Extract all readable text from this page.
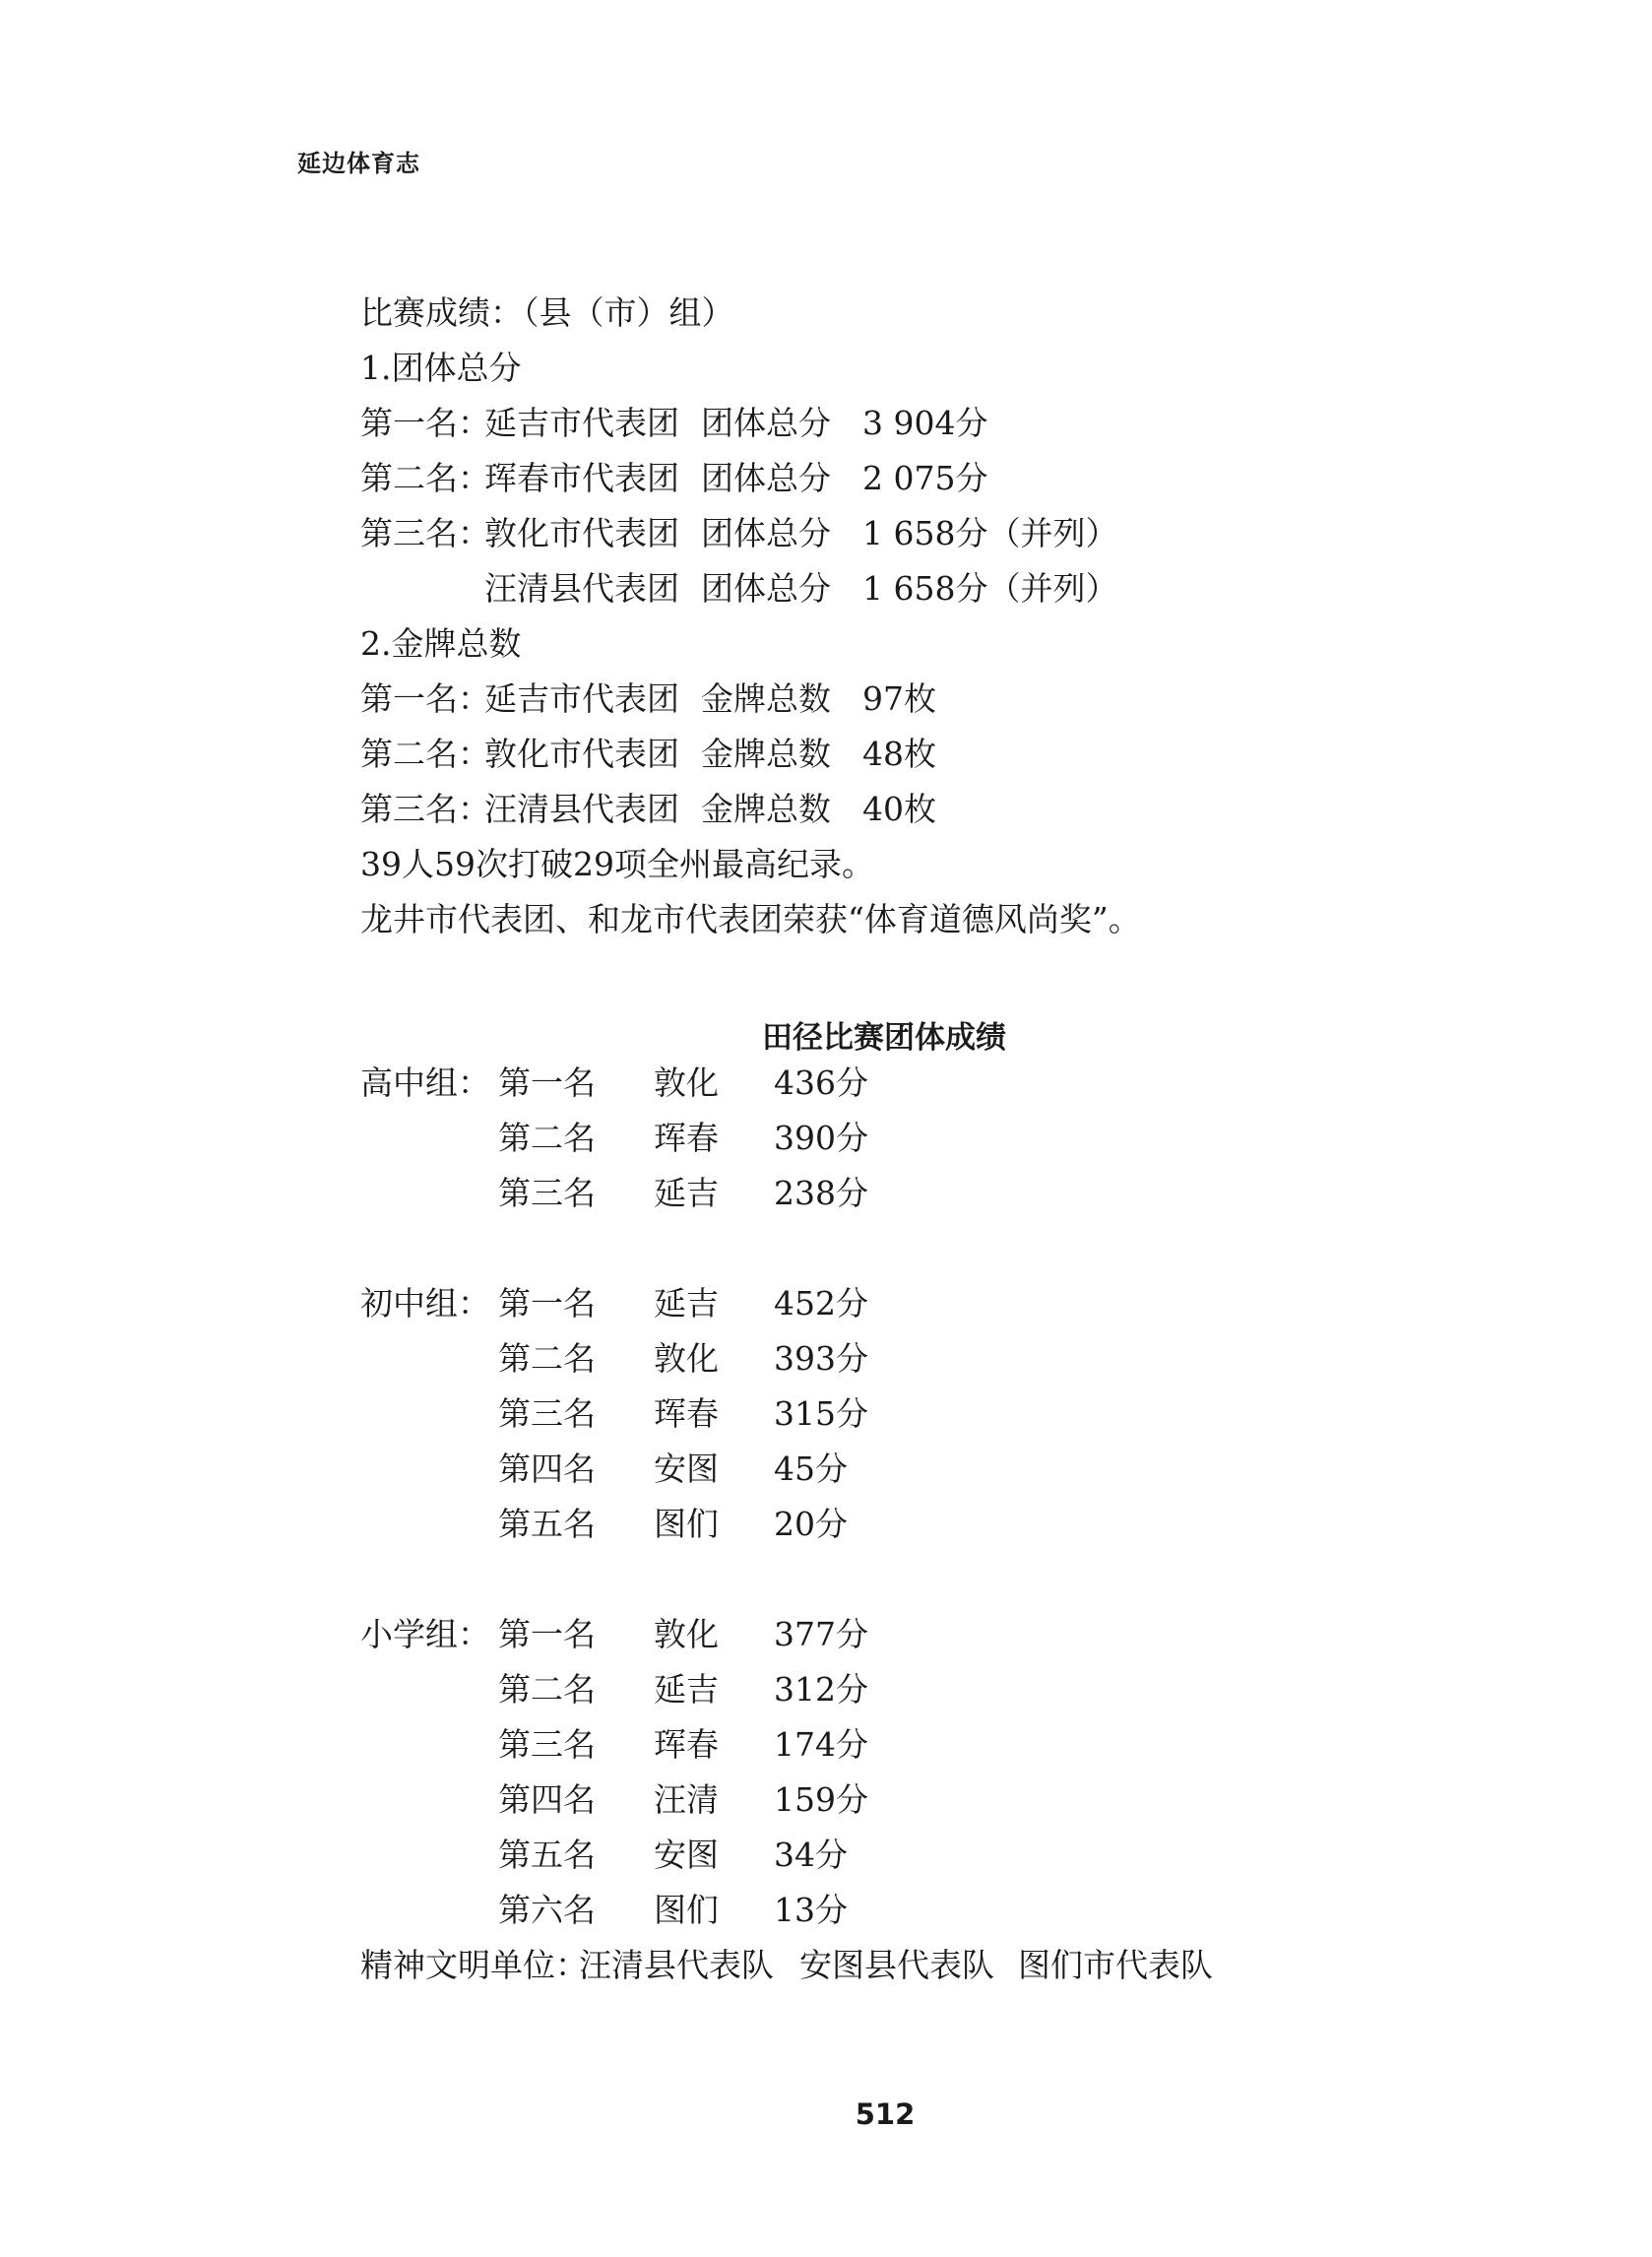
延边体育志
比赛成绩：（县（市）组）
1.团体总分
第一名：
延吉市代表团 团体总分 3 904分
第二名：
珲春市代表团 团体总分 2 075分
第三名：
敦化市代表团 团体总分 1 658分（并列）
汪清县代表团 团体总分 1 658分（并列）
2.金牌总数
第一名：
延吉市代表团 金牌总数 97枚
第二名：
敦化市代表团 金牌总数 48枚
第三名：
汪清县代表团 金牌总数 40枚
39人59次打破29项全州最高纪录。
龙井市代表团、和龙市代表团荣获“体育道德风尚奖”。
高中组： 第一名 敦化 436分
第二名 珲春 390分
第三名 延吉 238分
初中组： 第一名 延吉 452分
第二名 敦化 393分
第三名 珲春 315分
第四名 安图 45分
第五名 图们 20分
小学组： 第一名 敦化 377分
第二名 延吉 312分
第三名 珲春 174分
第四名 汪清 159分
第五名 安图 34分
第六名 图们 13分
精神文明单位：
汪清县代表队 安图县代表队 图们市代表队
田径比赛团体成绩
512
